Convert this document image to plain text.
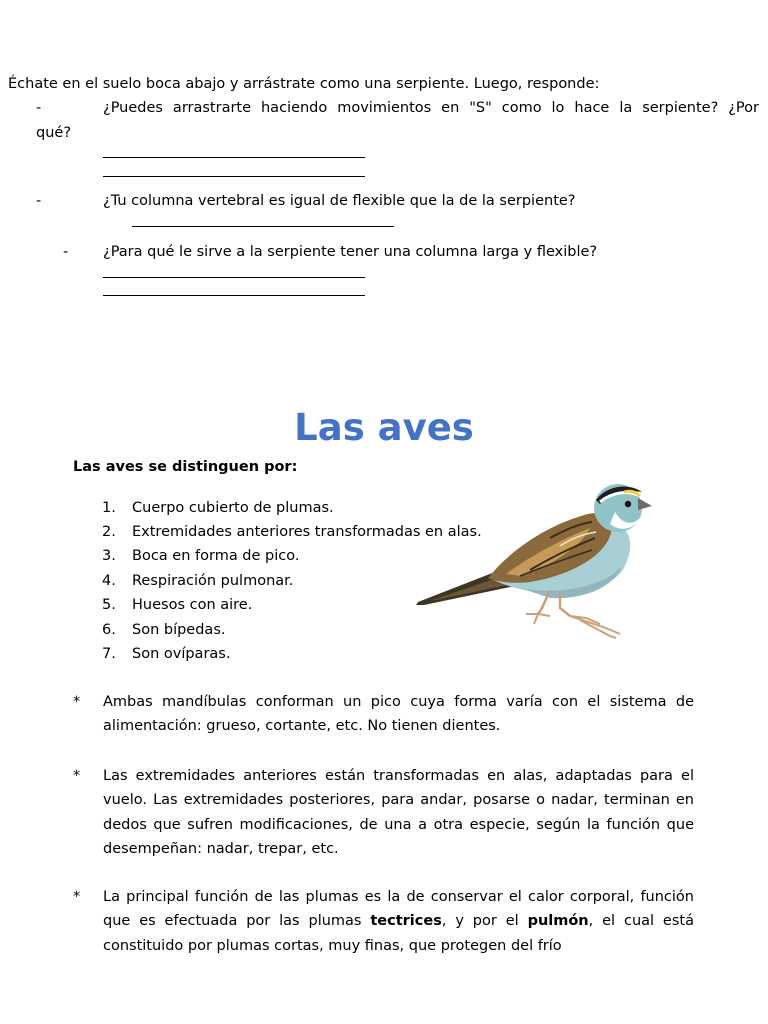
Échate en el suelo boca abajo y arrástrate como una serpiente. Luego, responde:
-	¿Puedes arrastrarte haciendo movimientos en "S" como lo hace la serpiente? ¿Por
qué?
-	¿Tu columna vertebral es igual de flexible que la de la serpiente?
- ¿Para qué le sirve a la serpiente tener una columna larga y flexible?
Las aves
Las aves se distinguen por:
1. Cuerpo cubierto de plumas.
2. Extremidades anteriores transformadas en alas.
3. Boca en forma de pico.
4. Respiración pulmonar.
5. Huesos con aire.
6. Son bípedas.
7. Son ovíparas.
* Ambas mandíbulas conforman un pico cuya forma varía con el sistema de alimentación: grueso, cortante, etc. No tienen dientes.
* Las extremidades anteriores están transformadas en alas, adaptadas para el vuelo. Las extremidades posteriores, para andar, posarse o nadar, terminan en dedos que sufren modificaciones, de una a otra especie, según la función que desempeñan: nadar, trepar, etc.
* La principal función de las plumas es la de conservar el calor corporal, función que es efectuada por las plumas tectrices, y por el pulmón, el cual está constituido por plumas cortas, muy finas, que protegen del frío
